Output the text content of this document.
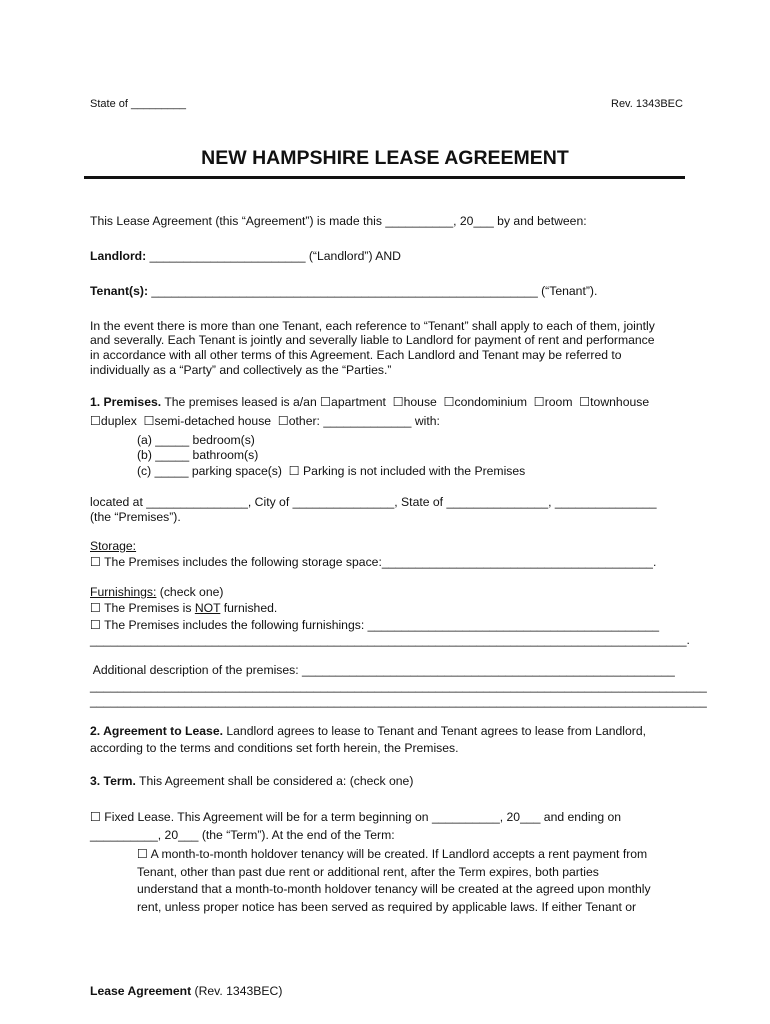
State of _________	Rev. 1343BEC
NEW HAMPSHIRE LEASE AGREEMENT
This Lease Agreement (this “Agreement”) is made this __________, 20___ by and between:
Landlord: _______________________ (“Landlord”) AND
Tenant(s): _________________________________________________________ (“Tenant”).
In the event there is more than one Tenant, each reference to “Tenant” shall apply to each of them, jointly
and severally. Each Tenant is jointly and severally liable to Landlord for payment of rent and performance
in accordance with all other terms of this Agreement. Each Landlord and Tenant may be referred to
individually as a “Party” and collectively as the “Parties.”
1. Premises. The premises leased is a/an ☐apartment  ☐house  ☐condominium  ☐room  ☐townhouse
☐duplex  ☐semi-detached house  ☐other: _____________ with:
(a) _____ bedroom(s)
(b) _____ bathroom(s)
(c) _____ parking space(s)  ☐ Parking is not included with the Premises
located at _______________, City of _______________, State of _______________, _______________
(the “Premises”).
Storage:
☐ The Premises includes the following storage space:________________________________________.
Furnishings: (check one)
☐ The Premises is NOT furnished.
☐ The Premises includes the following furnishings: ___________________________________________
________________________________________________________________________________________.
Additional description of the premises: _______________________________________________________
___________________________________________________________________________________________
___________________________________________________________________________________________
2. Agreement to Lease. Landlord agrees to lease to Tenant and Tenant agrees to lease from Landlord,
according to the terms and conditions set forth herein, the Premises.
3. Term. This Agreement shall be considered a: (check one)
☐ Fixed Lease. This Agreement will be for a term beginning on __________, 20___ and ending on
__________, 20___ (the “Term”). At the end of the Term:
☐ A month-to-month holdover tenancy will be created. If Landlord accepts a rent payment from
Tenant, other than past due rent or additional rent, after the Term expires, both parties
understand that a month-to-month holdover tenancy will be created at the agreed upon monthly
rent, unless proper notice has been served as required by applicable laws. If either Tenant or
Lease Agreement (Rev. 1343BEC)
